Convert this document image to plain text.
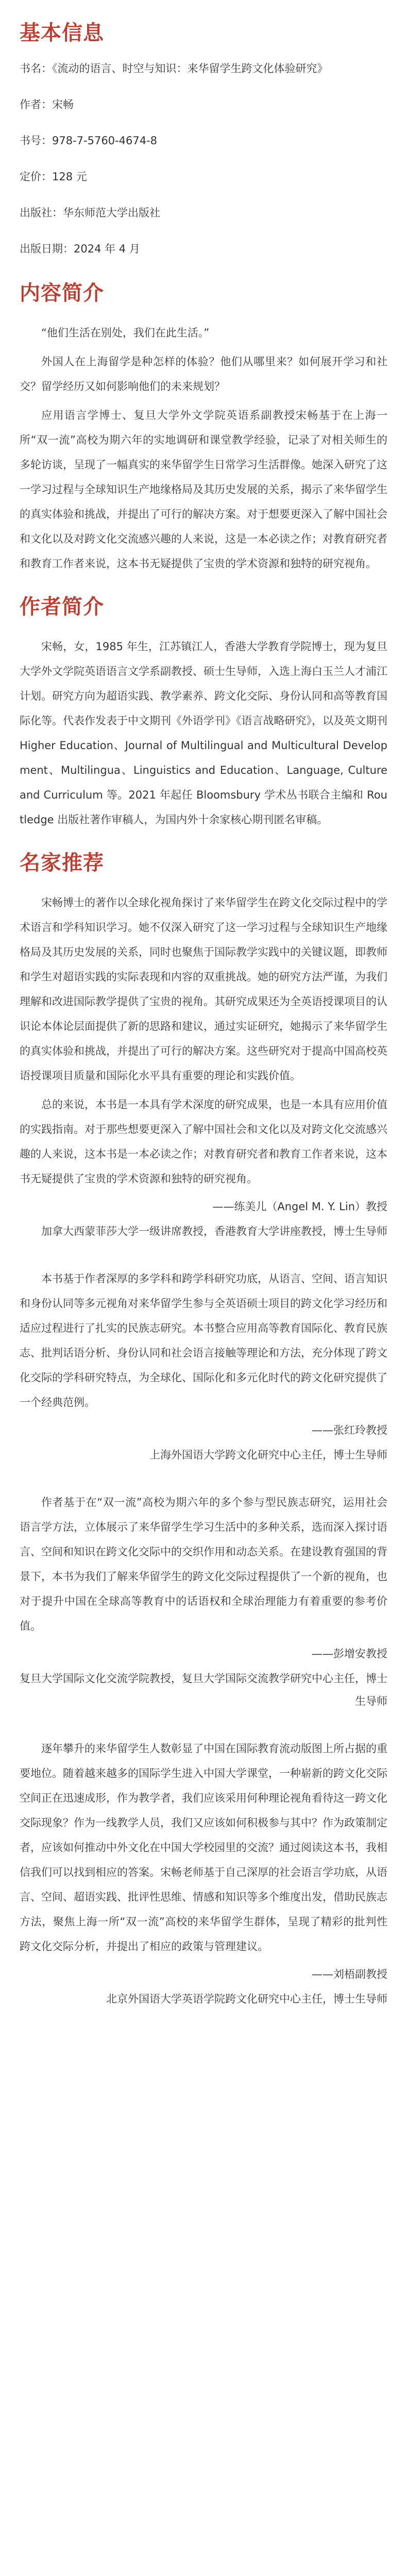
基本信息
书名：《流动的语言、时空与知识：来华留学生跨文化体验研究》
作者：宋畅
书号：978-7-5760-4674-8
定价：128 元
出版社：华东师范大学出版社
出版日期：2024 年 4 月
内容简介

“他们生活在别处，我们在此生活。”

外国人在上海留学是种怎样的体验？他们从哪里来？如何展开学习和社交？留学经历又如何影响他们的未来规划？

应用语言学博士、复旦大学外文学院英语系副教授宋畅基于在上海一所“双一流”高校为期六年的实地调研和课堂教学经验，记录了对相关师生的多轮访谈，呈现了一幅真实的来华留学生日常学习生活群像。她深入研究了这一学习过程与全球知识生产地缘格局及其历史发展的关系，揭示了来华留学生的真实体验和挑战，并提出了可行的解决方案。对于想要更深入了解中国社会和文化以及对跨文化交流感兴趣的人来说，这是一本必读之作；对教育研究者和教育工作者来说，这本书无疑提供了宝贵的学术资源和独特的研究视角。

作者简介

宋畅，女，1985 年生，江苏镇江人，香港大学教育学院博士，现为复旦大学外文学院英语语言文学系副教授、硕士生导师，入选上海白玉兰人才浦江计划。研究方向为超语实践、教学素养、跨文化交际、身份认同和高等教育国际化等。代表作发表于中文期刊《外语学刊》《语言战略研究》，以及英文期刊 Higher Education、Journal of Multilingual and Multicultural Development、Multilingua、Linguistics and Education、Language, Culture and Curriculum 等。2021 年起任 Bloomsbury 学术丛书联合主编和 Routledge 出版社著作审稿人，为国内外十余家核心期刊匿名审稿。

名家推荐

宋畅博士的著作以全球化视角探讨了来华留学生在跨文化交际过程中的学术语言和学科知识学习。她不仅深入研究了这一学习过程与全球知识生产地缘格局及其历史发展的关系，同时也聚焦于国际教学实践中的关键议题，即教师和学生对超语实践的实际表现和内容的双重挑战。她的研究方法严谨，为我们理解和改进国际教学提供了宝贵的视角。其研究成果还为全英语授课项目的认识论本体论层面提供了新的思路和建议，通过实证研究，她揭示了来华留学生的真实体验和挑战，并提出了可行的解决方案。这些研究对于提高中国高校英语授课项目质量和国际化水平具有重要的理论和实践价值。

总的来说，本书是一本具有学术深度的研究成果，也是一本具有应用价值的实践指南。对于那些想要更深入了解中国社会和文化以及对跨文化交流感兴趣的人来说，这本书是一本必读之作；对教育研究者和教育工作者来说，这本书无疑提供了宝贵的学术资源和独特的研究视角。

——练美儿（Angel M. Y. Lin）教授

加拿大西蒙菲莎大学一级讲席教授，香港教育大学讲座教授，博士生导师

本书基于作者深厚的多学科和跨学科研究功底，从语言、空间、语言知识和身份认同等多元视角对来华留学生参与全英语硕士项目的跨文化学习经历和适应过程进行了扎实的民族志研究。本书整合应用高等教育国际化、教育民族志、批判话语分析、身份认同和社会语言接触等理论和方法，充分体现了跨文化交际的学科研究特点，为全球化、国际化和多元化时代的跨文化研究提供了一个经典范例。

——张红玲教授

上海外国语大学跨文化研究中心主任，博士生导师

作者基于在“双一流”高校为期六年的多个参与型民族志研究，运用社会语言学方法，立体展示了来华留学生学习生活中的多种关系，选而深入探讨语言、空间和知识在跨文化交际中的交织作用和动态关系。在建设教育强国的背景下，本书为我们了解来华留学生的跨文化交际过程提供了一个新的视角，也对于提升中国在全球高等教育中的话语权和全球治理能力有着重要的参考价值。

——彭增安教授

复旦大学国际文化交流学院教授，复旦大学国际交流教学研究中心主任，博士生导师

逐年攀升的来华留学生人数彰显了中国在国际教育流动版图上所占据的重要地位。随着越来越多的国际学生进入中国大学课堂，一种崭新的跨文化交际空间正在迅速成形，作为教学者，我们应该采用何种理论视角看待这一跨文化交际现象？作为一线教学人员，我们又应该如何积极参与其中？作为政策制定者，应该如何推动中外文化在中国大学校园里的交流？通过阅读这本书，我相信我们可以找到相应的答案。宋畅老师基于自己深厚的社会语言学功底，从语言、空间、超语实践、批评性思维、情感和知识等多个维度出发，借助民族志方法，聚焦上海一所“双一流”高校的来华留学生群体，呈现了精彩的批判性跨文化交际分析，并提出了相应的政策与管理建议。

——刘梧副教授

北京外国语大学英语学院跨文化研究中心主任，博士生导师
